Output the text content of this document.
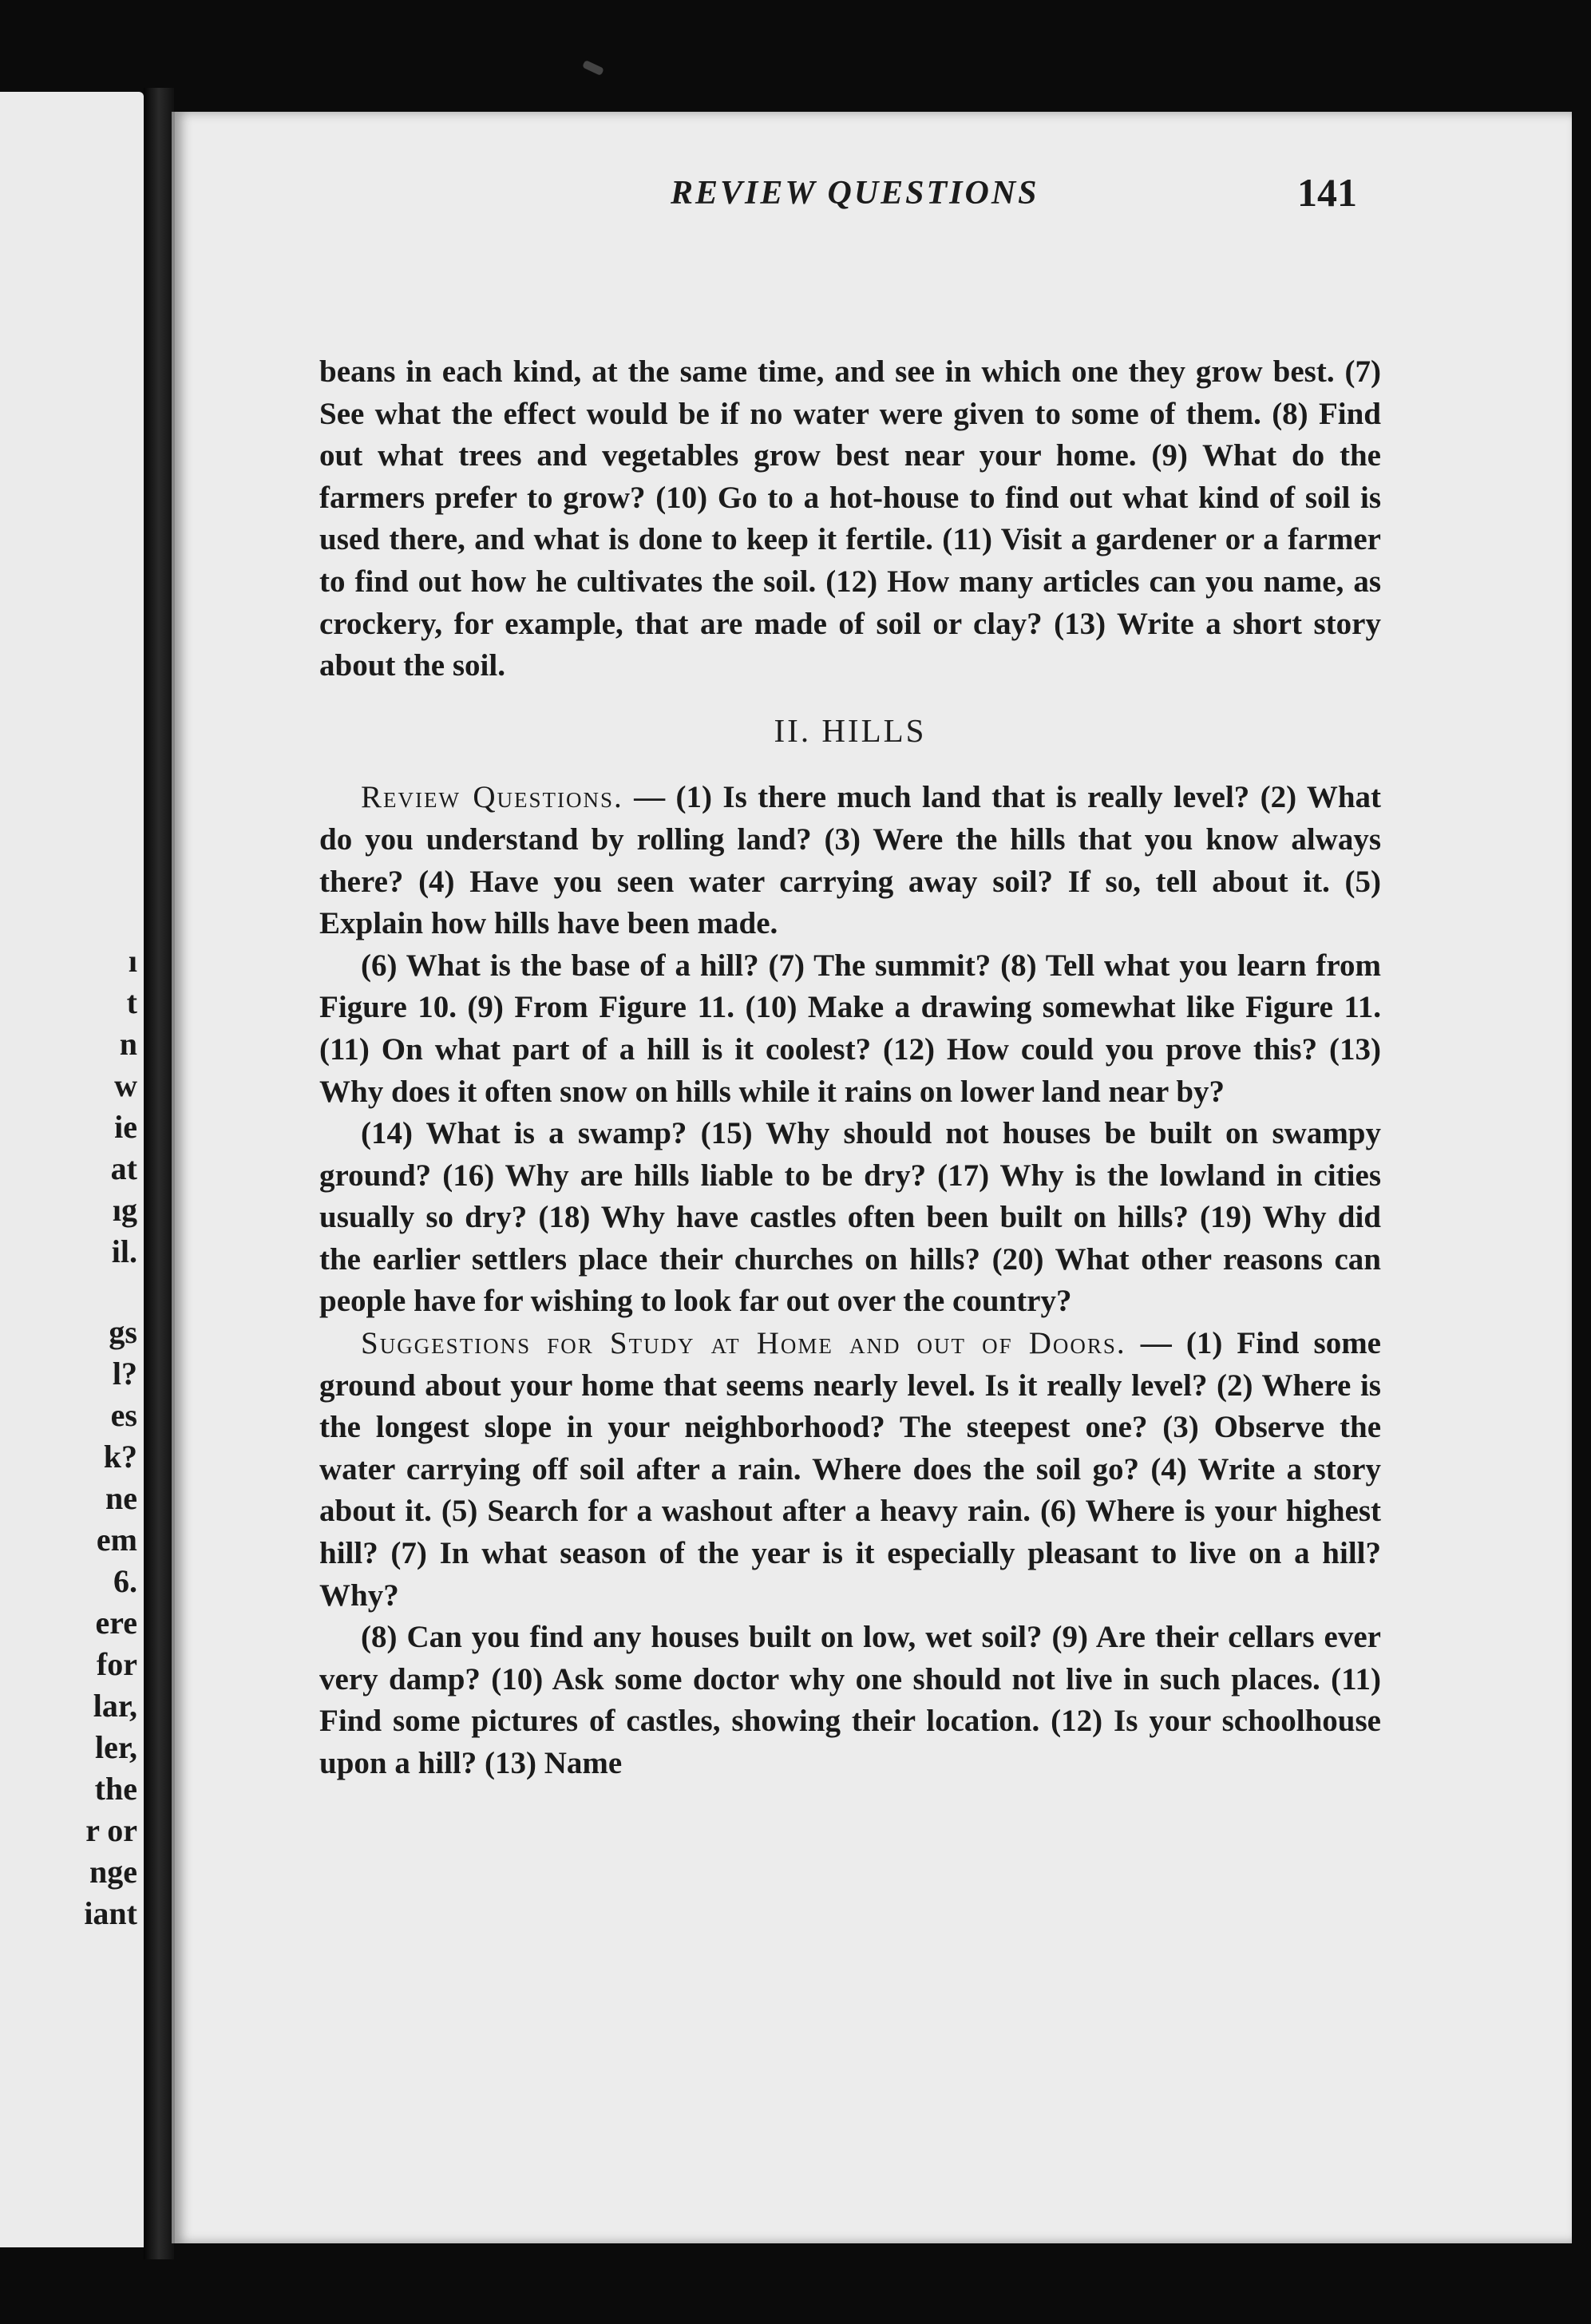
ı
t
n
w
ie
at
ıg
il.
gs
l?
es
k?
ne
em
6.
ere
for
lar,
ler,
the
r or
nge
iant
REVIEW QUESTIONS	141

beans in each kind, at the same time, and see in which one they grow best. (7) See what the effect would be if no water were given to some of them. (8) Find out what trees and vegetables grow best near your home. (9) What do the farmers prefer to grow? (10) Go to a hot-house to find out what kind of soil is used there, and what is done to keep it fertile. (11) Visit a gardener or a farmer to find out how he cultivates the soil. (12) How many articles can you name, as crockery, for example, that are made of soil or clay? (13) Write a short story about the soil.

II. HILLS

Review Questions. — (1) Is there much land that is really level? (2) What do you understand by rolling land? (3) Were the hills that you know always there? (4) Have you seen water carrying away soil? If so, tell about it. (5) Explain how hills have been made.

(6) What is the base of a hill? (7) The summit? (8) Tell what you learn from Figure 10. (9) From Figure 11. (10) Make a drawing somewhat like Figure 11. (11) On what part of a hill is it coolest? (12) How could you prove this? (13) Why does it often snow on hills while it rains on lower land near by?

(14) What is a swamp? (15) Why should not houses be built on swampy ground? (16) Why are hills liable to be dry? (17) Why is the lowland in cities usually so dry? (18) Why have castles often been built on hills? (19) Why did the earlier settlers place their churches on hills? (20) What other reasons can people have for wishing to look far out over the country?

Suggestions for Study at Home and out of Doors. — (1) Find some ground about your home that seems nearly level. Is it really level? (2) Where is the longest slope in your neighborhood? The steepest one? (3) Observe the water carrying off soil after a rain. Where does the soil go? (4) Write a story about it. (5) Search for a washout after a heavy rain. (6) Where is your highest hill? (7) In what season of the year is it especially pleasant to live on a hill? Why?

(8) Can you find any houses built on low, wet soil? (9) Are their cellars ever very damp? (10) Ask some doctor why one should not live in such places. (11) Find some pictures of castles, showing their location. (12) Is your schoolhouse upon a hill? (13) Name
